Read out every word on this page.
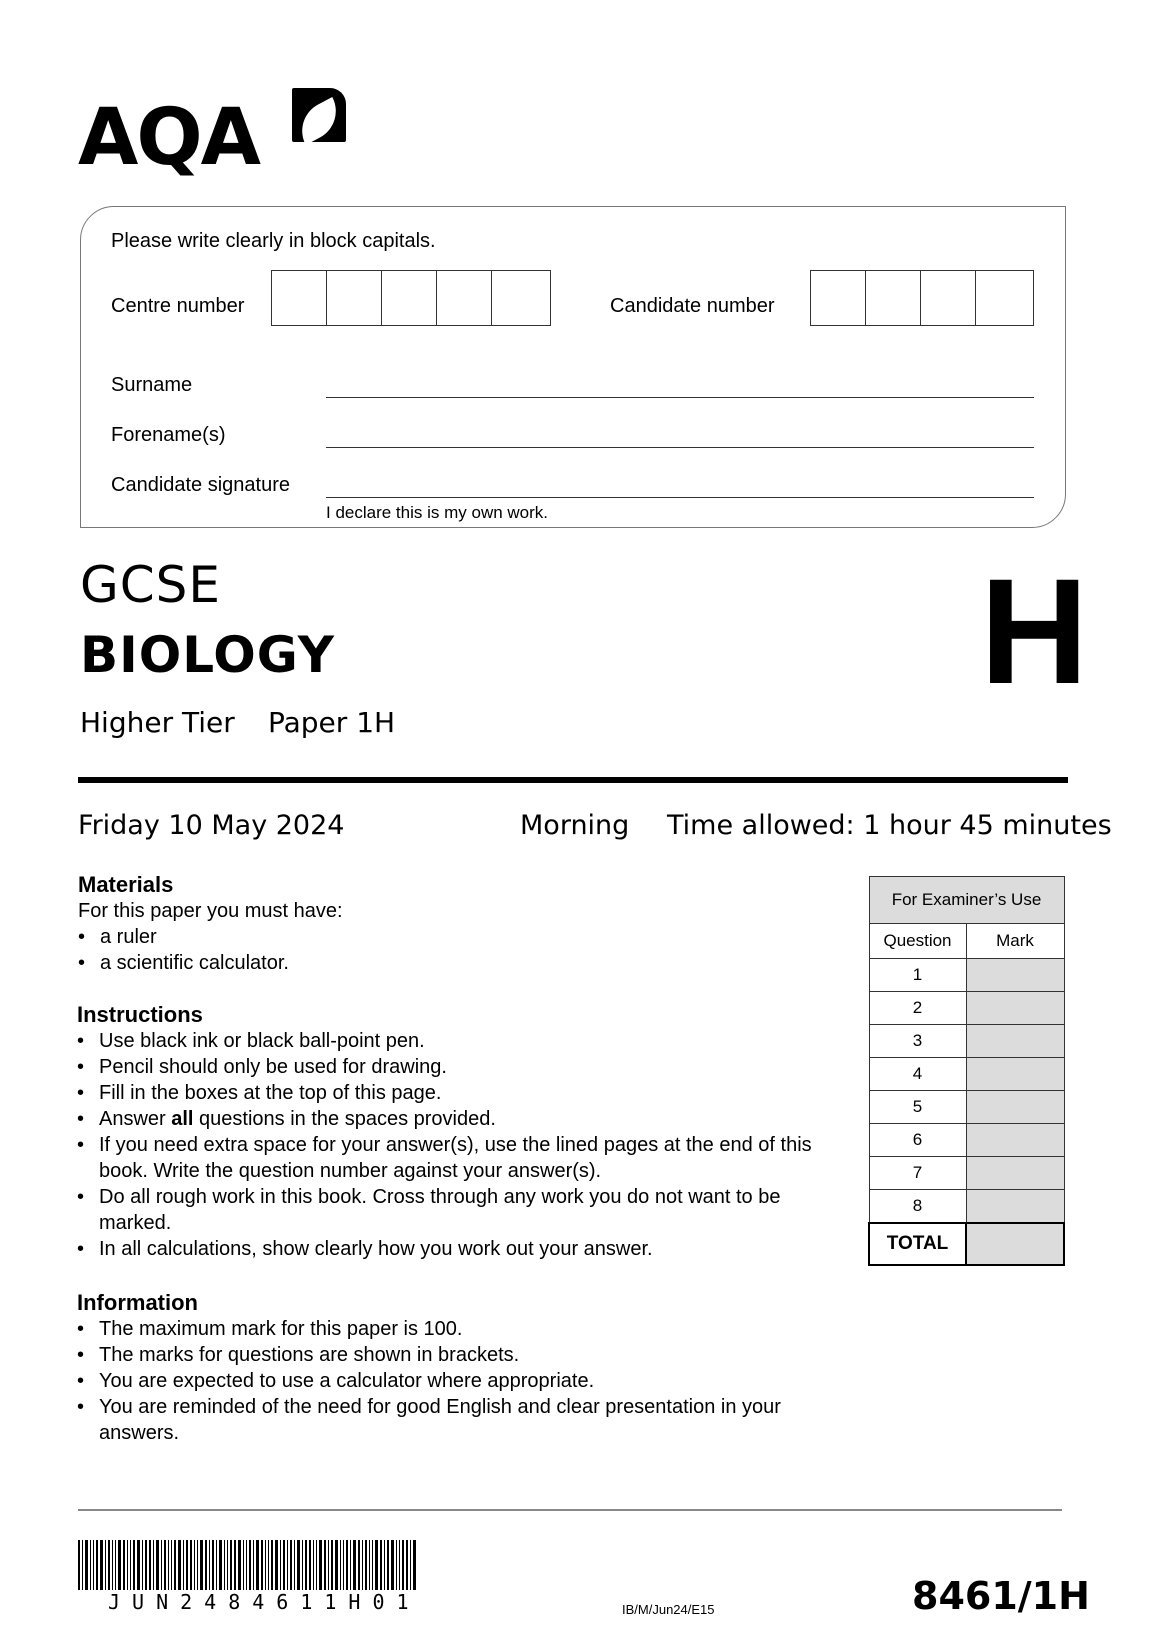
AQA
Please write clearly in block capitals.
Centre number	Candidate number
Surname
Forename(s)
Candidate signature
I declare this is my own work.
GCSE
BIOLOGY
Higher Tier Paper 1H
H
Friday 10 May 2024	Morning Time allowed: 1 hour 45 minutes
Materials
For this paper you must have:
• a ruler
• a scientific calculator.
Instructions
• Use black ink or black ball-point pen.
• Pencil should only be used for drawing.
• Fill in the boxes at the top of this page.
• Answer all questions in the spaces provided.
• If you need extra space for your answer(s), use the lined pages at the end of this book. Write the question number against your answer(s).
• Do all rough work in this book. Cross through any work you do not want to be marked.
• In all calculations, show clearly how you work out your answer.
Information
• The maximum mark for this paper is 100.
• The marks for questions are shown in brackets.
• You are expected to use a calculator where appropriate.
• You are reminded of the need for good English and clear presentation in your answers.
For Examiner’s Use	
Question	Mark
1	
2	
3	
4	
5	
6	
7	
8	
TOTAL	
JUN2484611H01	IB/M/Jun24/E15	8461/1H
